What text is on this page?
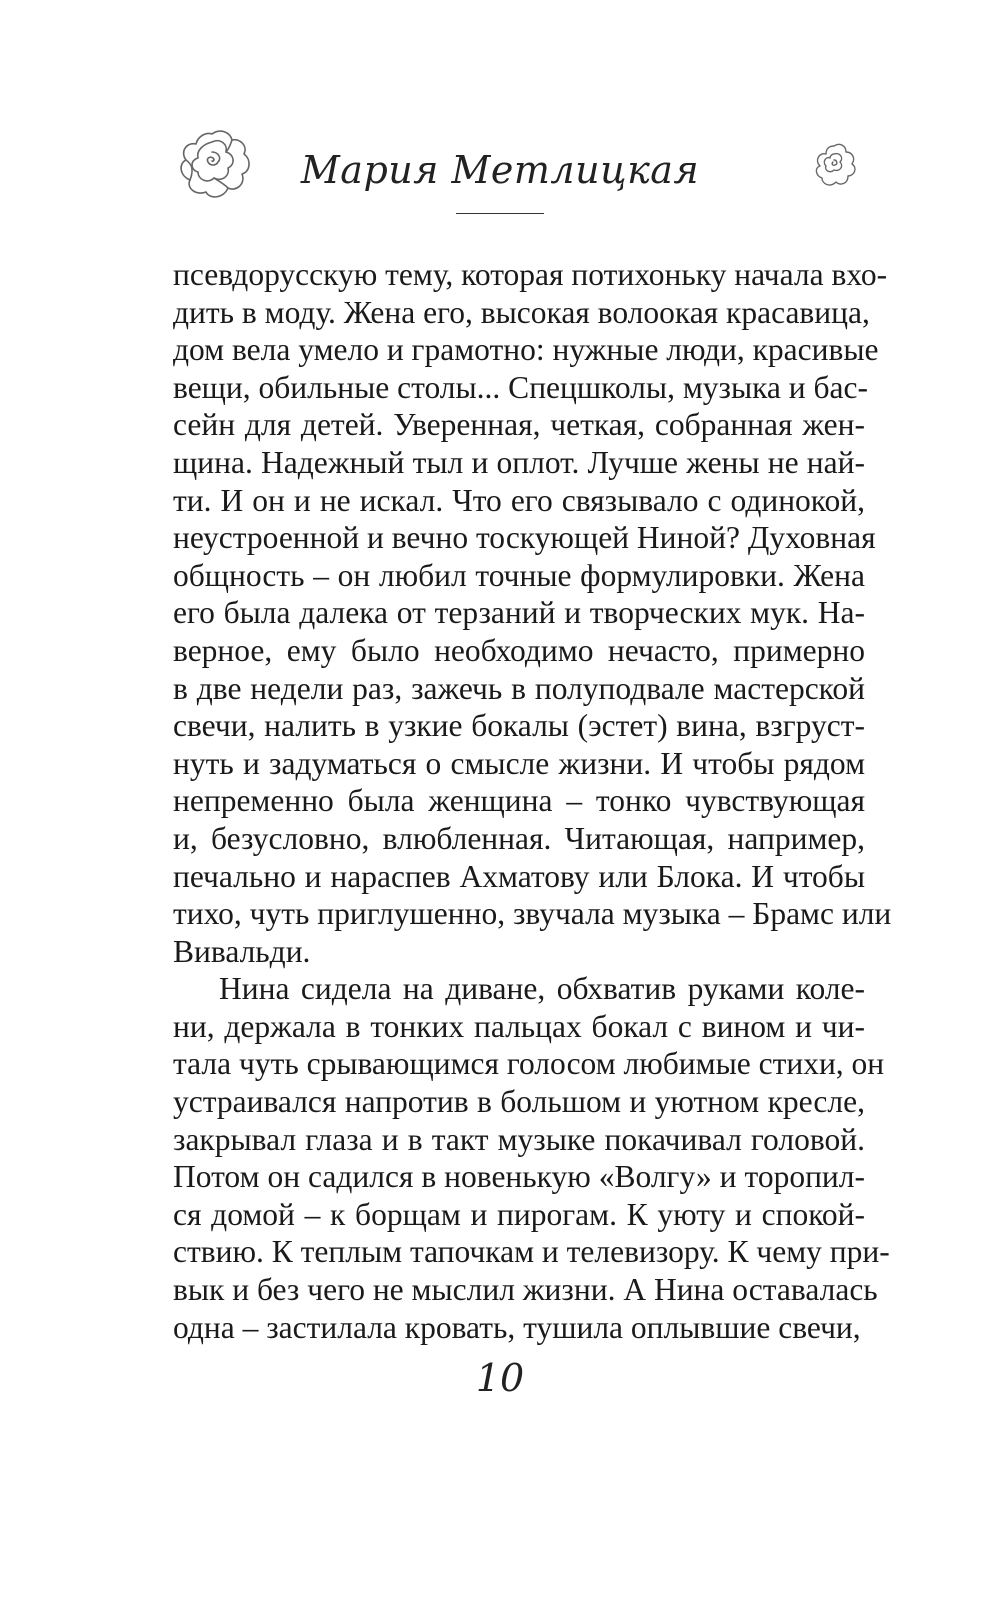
Мария Метлицкая
псевдорусскую тему, которая потихоньку начала вхо-
дить в моду. Жена его, высокая волоокая красавица,
дом вела умело и грамотно: нужные люди, красивые
вещи, обильные столы... Спецшколы, музыка и бас-
сейн для детей. Уверенная, четкая, собранная жен-
щина. Надежный тыл и оплот. Лучше жены не най-
ти. И он и не искал. Что его связывало с одинокой,
неустроенной и вечно тоскующей Ниной? Духовная
общность – он любил точные формулировки. Жена
его была далека от терзаний и творческих мук. На-
верное, ему было необходимо нечасто, примерно
в две недели раз, зажечь в полуподвале мастерской
свечи, налить в узкие бокалы (эстет) вина, взгруст-
нуть и задуматься о смысле жизни. И чтобы рядом
непременно была женщина – тонко чувствующая
и, безусловно, влюбленная. Читающая, например,
печально и нараспев Ахматову или Блока. И чтобы
тихо, чуть приглушенно, звучала музыка – Брамс или
Вивальди.
Нина сидела на диване, обхватив руками коле-
ни, держала в тонких пальцах бокал с вином и чи-
тала чуть срывающимся голосом любимые стихи, он
устраивался напротив в большом и уютном кресле,
закрывал глаза и в такт музыке покачивал головой.
Потом он садился в новенькую «Волгу» и торопил-
ся домой – к борщам и пирогам. К уюту и спокой-
ствию. К теплым тапочкам и телевизору. К чему при-
вык и без чего не мыслил жизни. А Нина оставалась
одна – застилала кровать, тушила оплывшие свечи,
10
